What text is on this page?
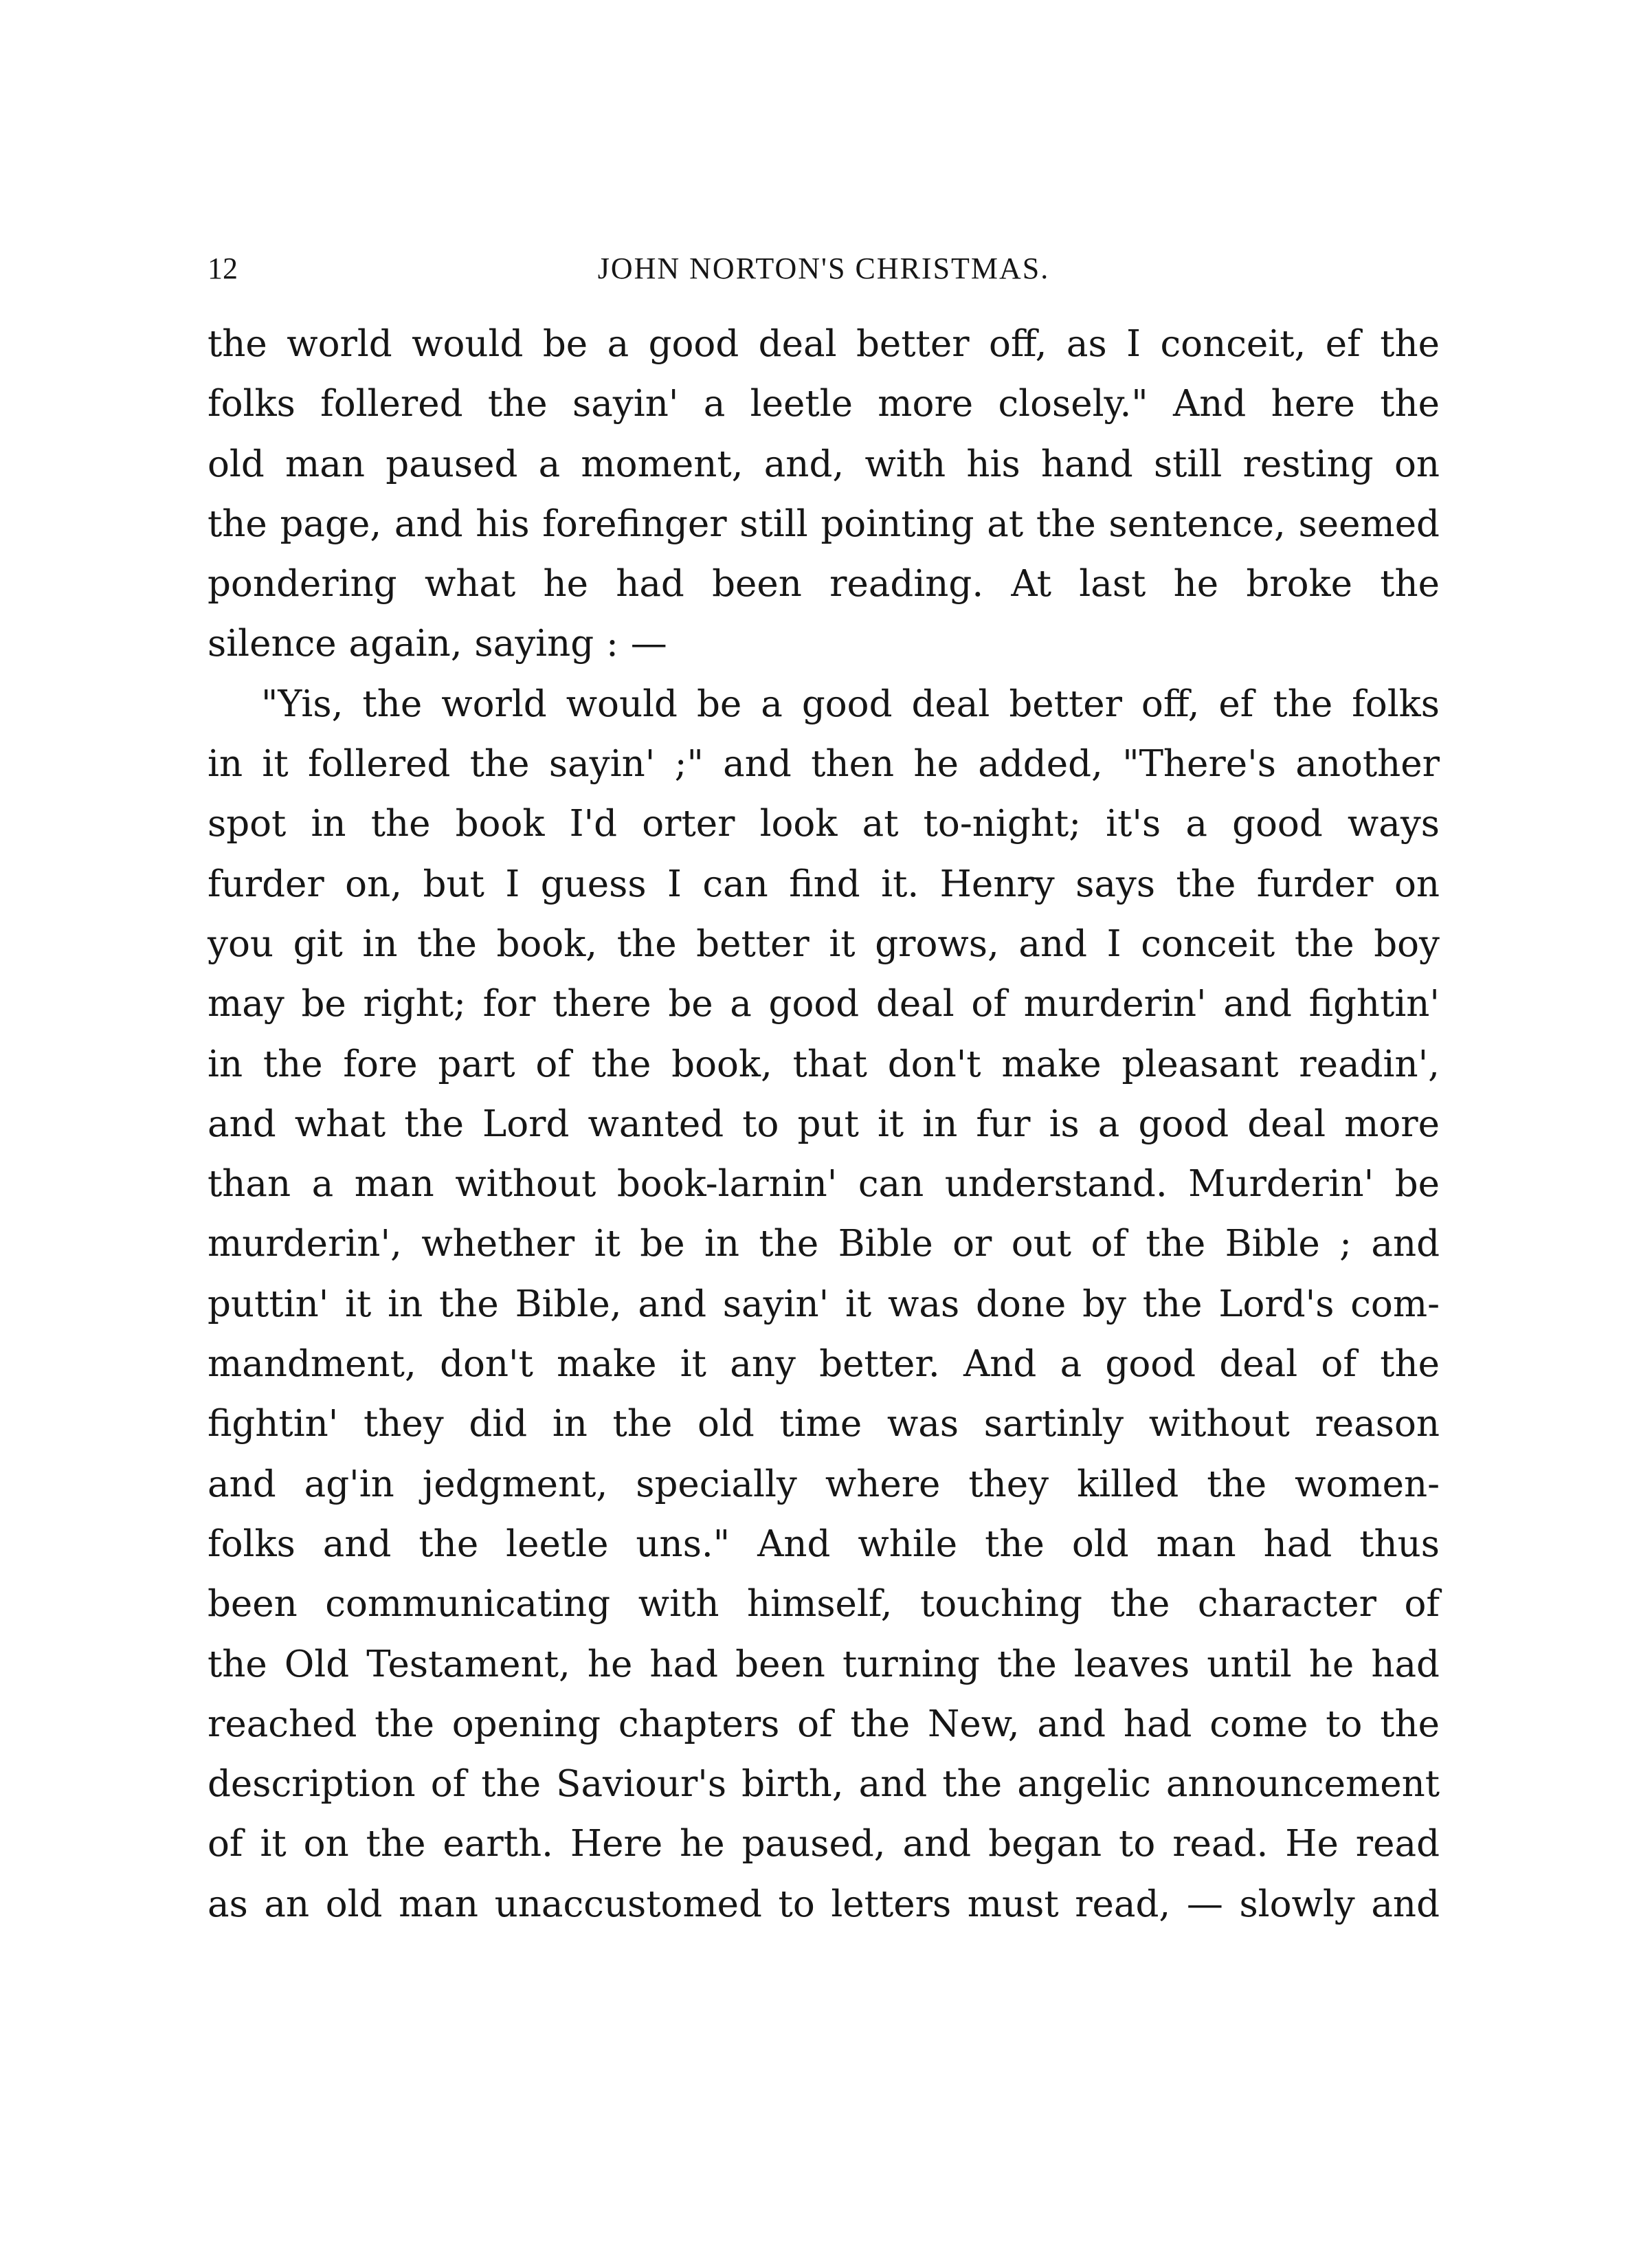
12	JOHN NORTON'S CHRISTMAS.
the world would be a good deal better off, as I conceit, ef the
folks follered the sayin' a leetle more closely." And here the
old man paused a moment, and, with his hand still resting on
the page, and his forefinger still pointing at the sentence, seemed
pondering what he had been reading. At last he broke the
silence again, saying : —
"Yis, the world would be a good deal better off, ef the folks
in it follered the sayin' ;" and then he added, "There's another
spot in the book I'd orter look at to-night; it's a good ways
furder on, but I guess I can find it. Henry says the furder on
you git in the book, the better it grows, and I conceit the boy
may be right; for there be a good deal of murderin' and fightin'
in the fore part of the book, that don't make pleasant readin',
and what the Lord wanted to put it in fur is a good deal more
than a man without book-larnin' can understand. Murderin' be
murderin', whether it be in the Bible or out of the Bible ; and
puttin' it in the Bible, and sayin' it was done by the Lord's com-
mandment, don't make it any better. And a good deal of the
fightin' they did in the old time was sartinly without reason
and ag'in jedgment, specially where they killed the women-
folks and the leetle uns." And while the old man had thus
been communicating with himself, touching the character of
the Old Testament, he had been turning the leaves until he had
reached the opening chapters of the New, and had come to the
description of the Saviour's birth, and the angelic announcement
of it on the earth. Here he paused, and began to read. He read
as an old man unaccustomed to letters must read, — slowly and
